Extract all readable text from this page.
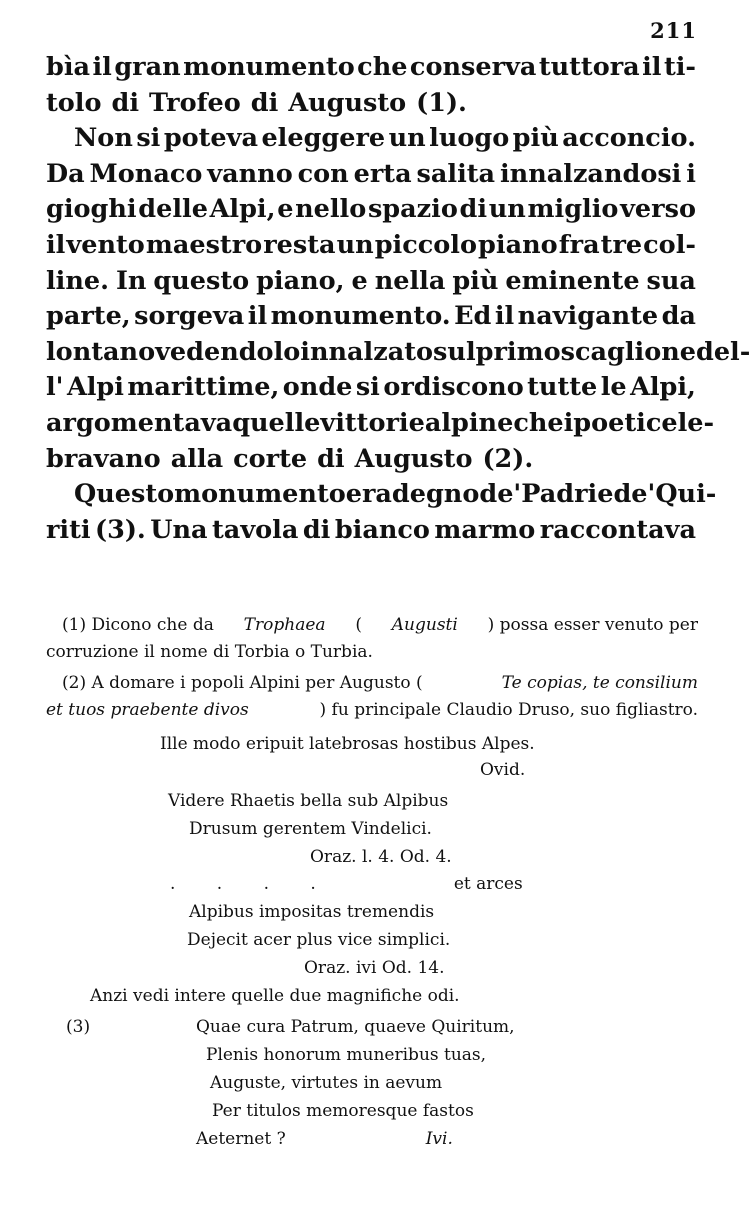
211
bìa il gran monumento che conserva tuttora il ti-
tolo di Trofeo di Augusto (1).
Non si poteva eleggere un luogo più acconcio.
Da Monaco vanno con erta salita innalzandosi i
gioghi delle Alpi, e nello spazio di un miglio verso
il vento maestro resta un piccolo piano fra tre col-
line. In questo piano, e nella più eminente sua
parte, sorgeva il monumento. Ed il navigante da
lontano vedendolo innalzato sul primo scaglione del-
l' Alpi marittime, onde si ordiscono tutte le Alpi,
argomentava quelle vittorie alpine che i poeti cele-
bravano alla corte di Augusto (2).
Questo monumento era degno de' Padri e de' Qui-
riti (3). Una tavola di bianco marmo raccontava
(1) Dicono che da Trophaea ( Augusti ) possa esser venuto per
corruzione il nome di Torbia o Turbia.
(2) A domare i popoli Alpini per Augusto (	Te copias, te consilium
et tuos praebente divos	) fu principale Claudio Druso, suo figliastro.
Ille modo eripuit latebrosas hostibus Alpes.
Ovid.
Videre Rhaetis bella sub Alpibus
Drusum gerentem Vindelici.
Oraz. l. 4. Od. 4.
. . . .	et arces
Alpibus impositas tremendis
Dejecit acer plus vice simplici.
Oraz. ivi Od. 14.
Anzi vedi intere quelle due magnifiche odi.
(3)	Quae cura Patrum, quaeve Quiritum,
Plenis honorum muneribus tuas,
Auguste, virtutes in aevum
Per titulos memoresque fastos
Aeternet ?	Ivi.
